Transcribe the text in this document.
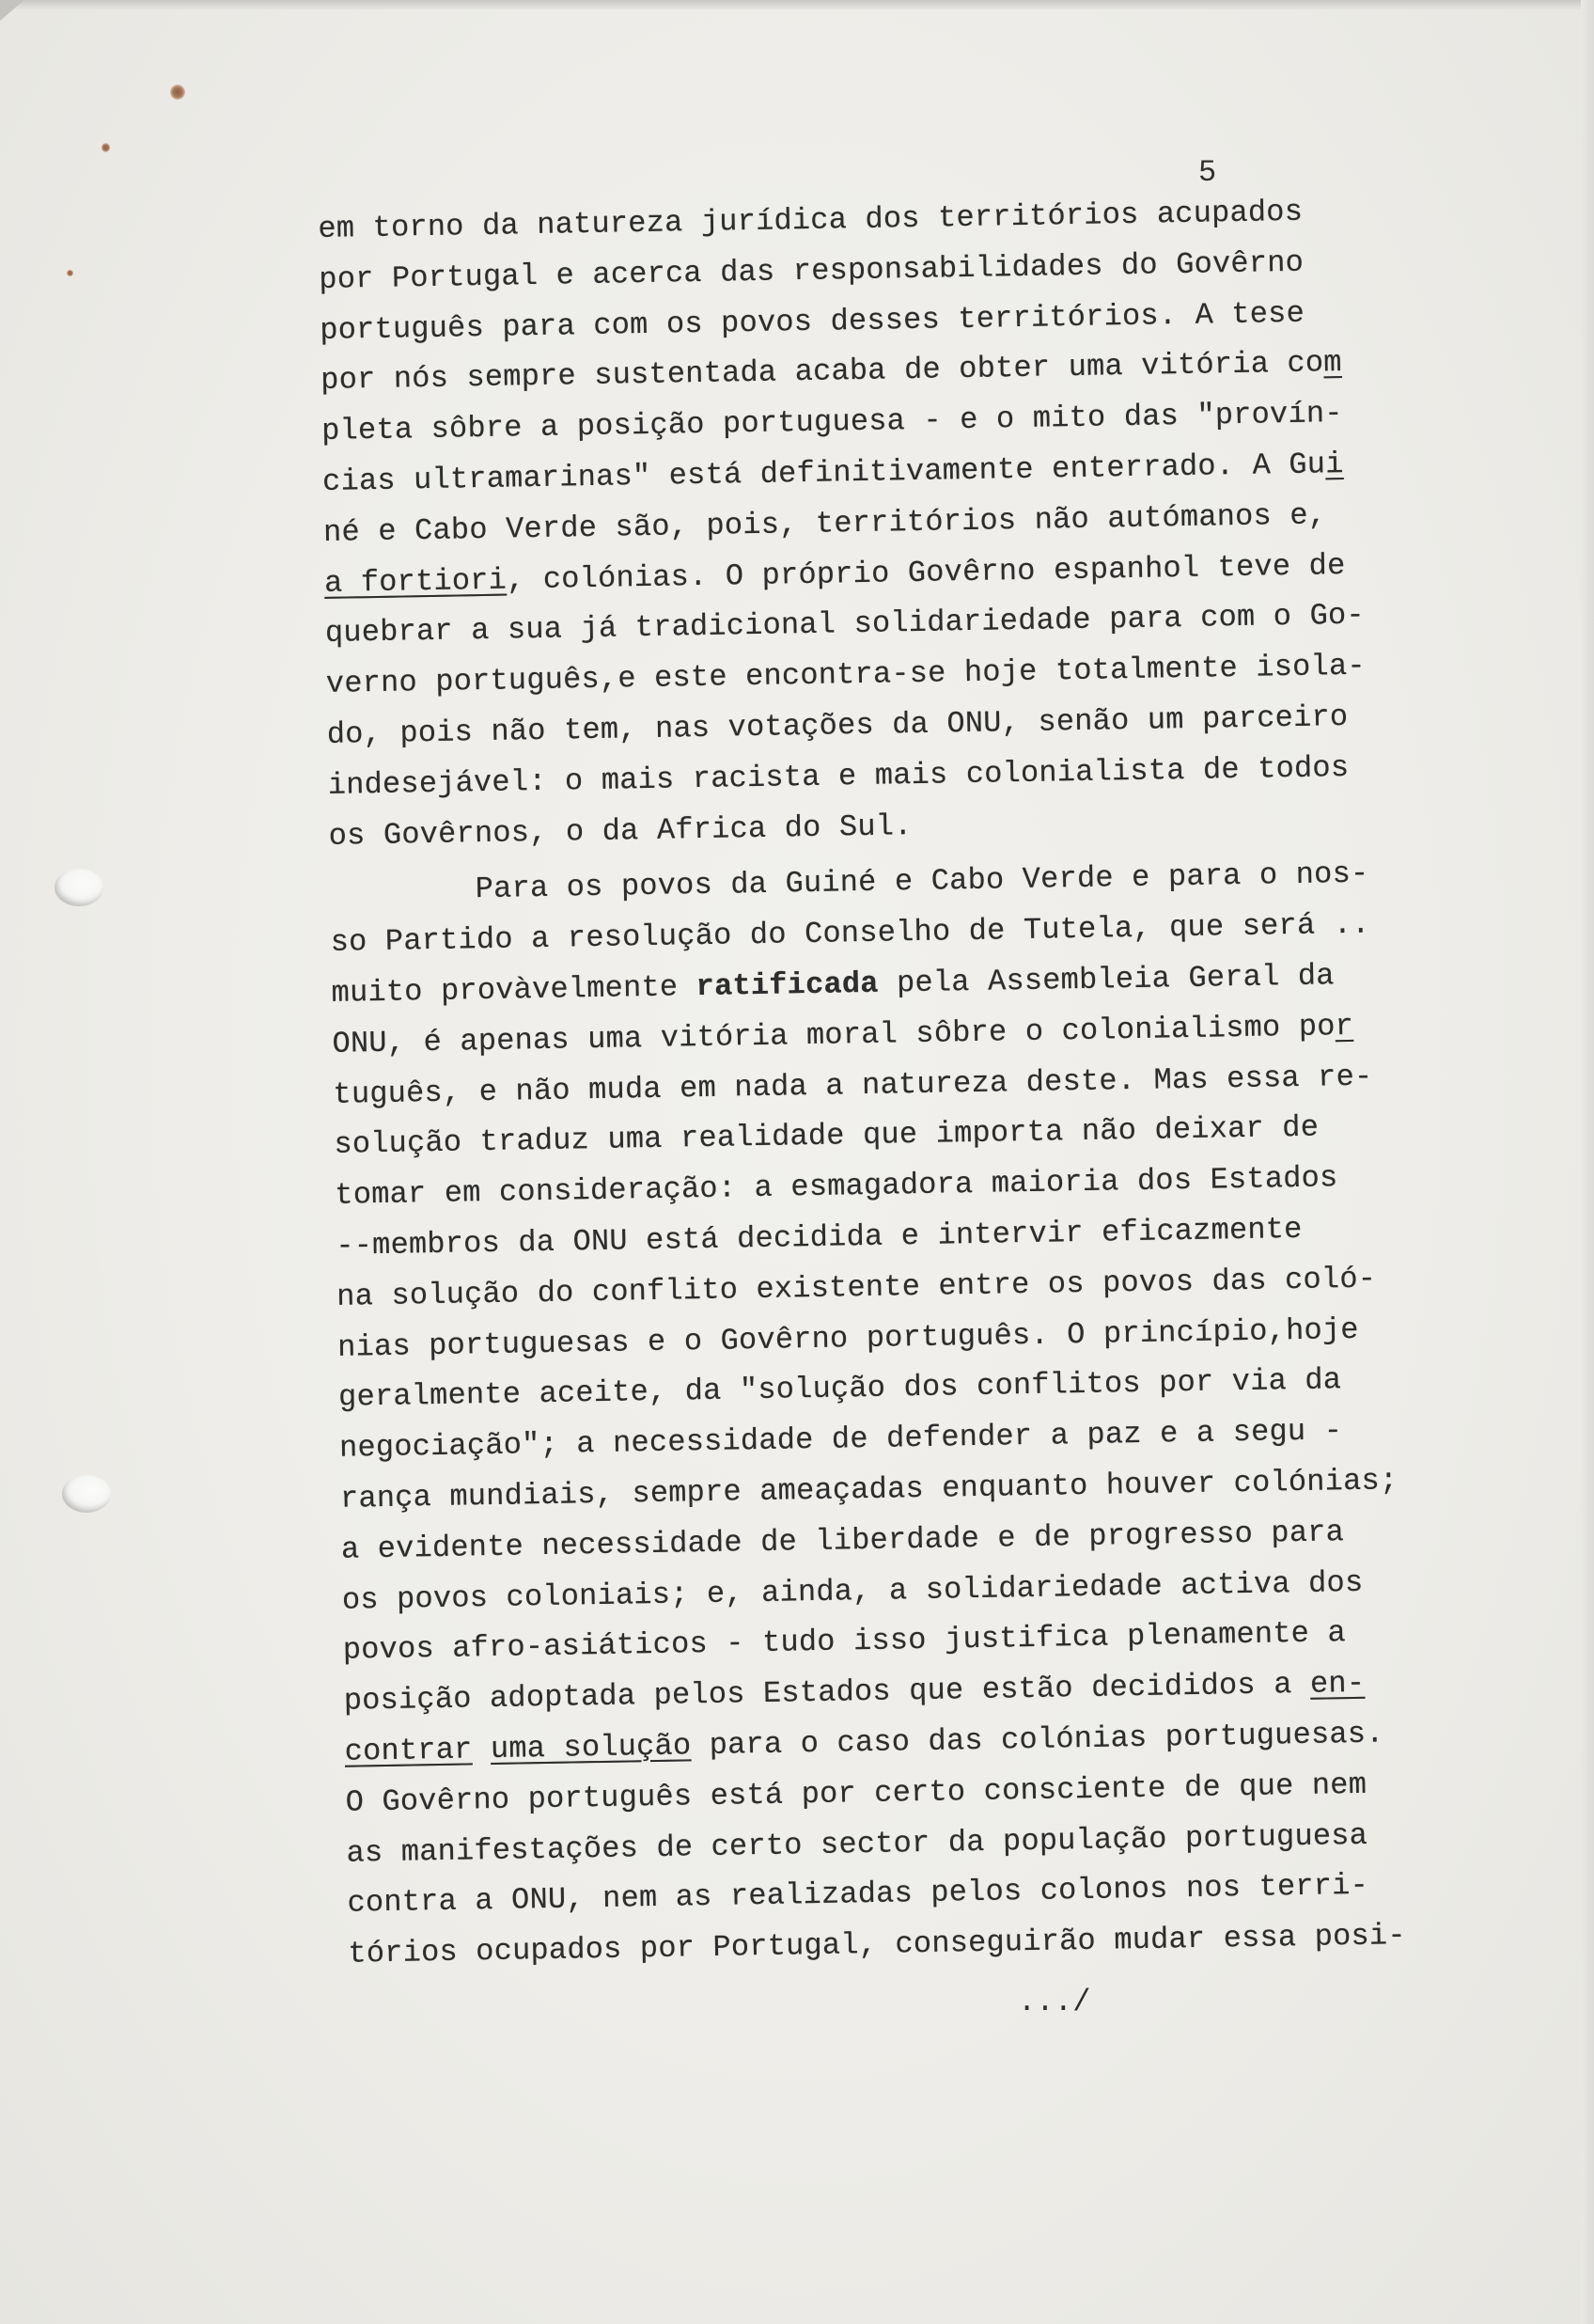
5
em torno da natureza jurídica dos territórios acupados
por Portugal e acerca das responsabilidades do Govêrno
português para com os povos desses territórios. A tese
por nós sempre sustentada acaba de obter uma vitória com
pleta sôbre a posição portuguesa - e o mito das "provín-
cias ultramarinas" está definitivamente enterrado. A Gui
né e Cabo Verde são, pois, territórios não autómanos e,
a fortiori, colónias. O próprio Govêrno espanhol teve de
quebrar a sua já tradicional solidariedade para com o Go-
verno português,e este encontra-se hoje totalmente isola-
do, pois não tem, nas votações da ONU, senão um parceiro
indesejável: o mais racista e mais colonialista de todos
os Govêrnos, o da Africa do Sul.
Para os povos da Guiné e Cabo Verde e para o nos-
so Partido a resolução do Conselho de Tutela, que será ..
muito provàvelmente ratificada pela Assembleia Geral da
ONU, é apenas uma vitória moral sôbre o colonialismo por
tuguês, e não muda em nada a natureza deste. Mas essa re-
solução traduz uma realidade que importa não deixar de
tomar em consideração: a esmagadora maioria dos Estados
--membros da ONU está decidida e intervir eficazmente
na solução do conflito existente entre os povos das coló-
nias portuguesas e o Govêrno português. O princípio,hoje
geralmente aceite, da "solução dos conflitos por via da
negociação"; a necessidade de defender a paz e a segu -
rança mundiais, sempre ameaçadas enquanto houver colónias;
a evidente necessidade de liberdade e de progresso para
os povos coloniais; e, ainda, a solidariedade activa dos
povos afro-asiáticos - tudo isso justifica plenamente a
posição adoptada pelos Estados que estão decididos a en-
contrar uma solução para o caso das colónias portuguesas.
O Govêrno português está por certo consciente de que nem
as manifestações de certo sector da população portuguesa
contra a ONU, nem as realizadas pelos colonos nos terri-
tórios ocupados por Portugal, conseguirão mudar essa posi-
.../
